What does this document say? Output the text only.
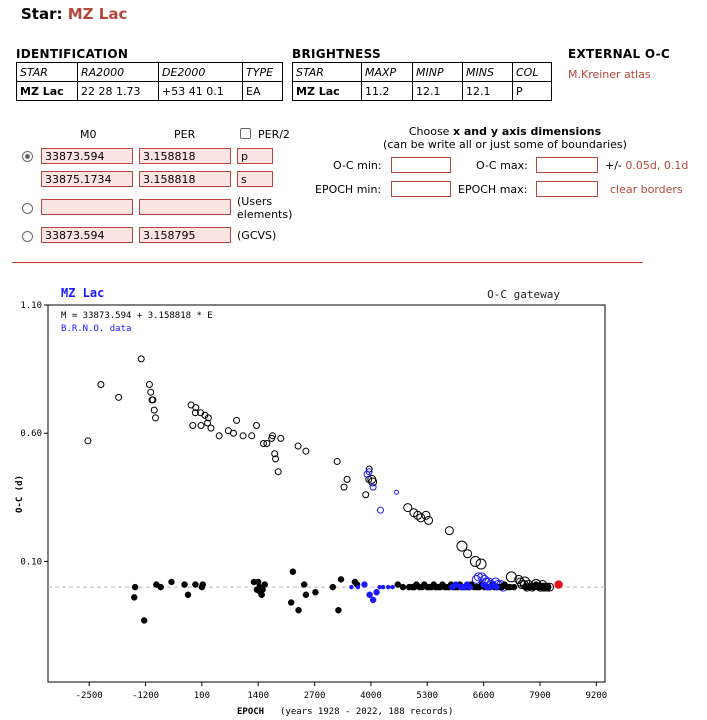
Star: MZ Lac
IDENTIFICATION
STAR	RA2000	DE2000	TYPE
MZ Lac	22 28 1.73	+53 41 0.1	EA
BRIGHTNESS
STAR	MAXP	MINP	MINS	COL
MZ Lac	11.2	12.1	12.1	P
EXTERNAL O-C
M.Kreiner atlas
M0	PER	PER/2
33873.594	3.158818	p
33875.1734	3.158818	s
(Users elements)
33873.594	3.158795	(GCVS)
Choose x and y axis dimensions
(can be write all or just some of boundaries)
O-C min:	O-C max:	+/- 0.05d, 0.1d
EPOCH min:	EPOCH max:	clear borders
MZ Lac	O-C gateway
M = 33873.594 + 3.158818 * E
B.R.N.O. data
1.10
0.60
0.10
-2500	-1200	100	1400	2700	4000	5300	6600	7900	9200
O-C (d)
EPOCH (years 1928 - 2022, 188 records)
